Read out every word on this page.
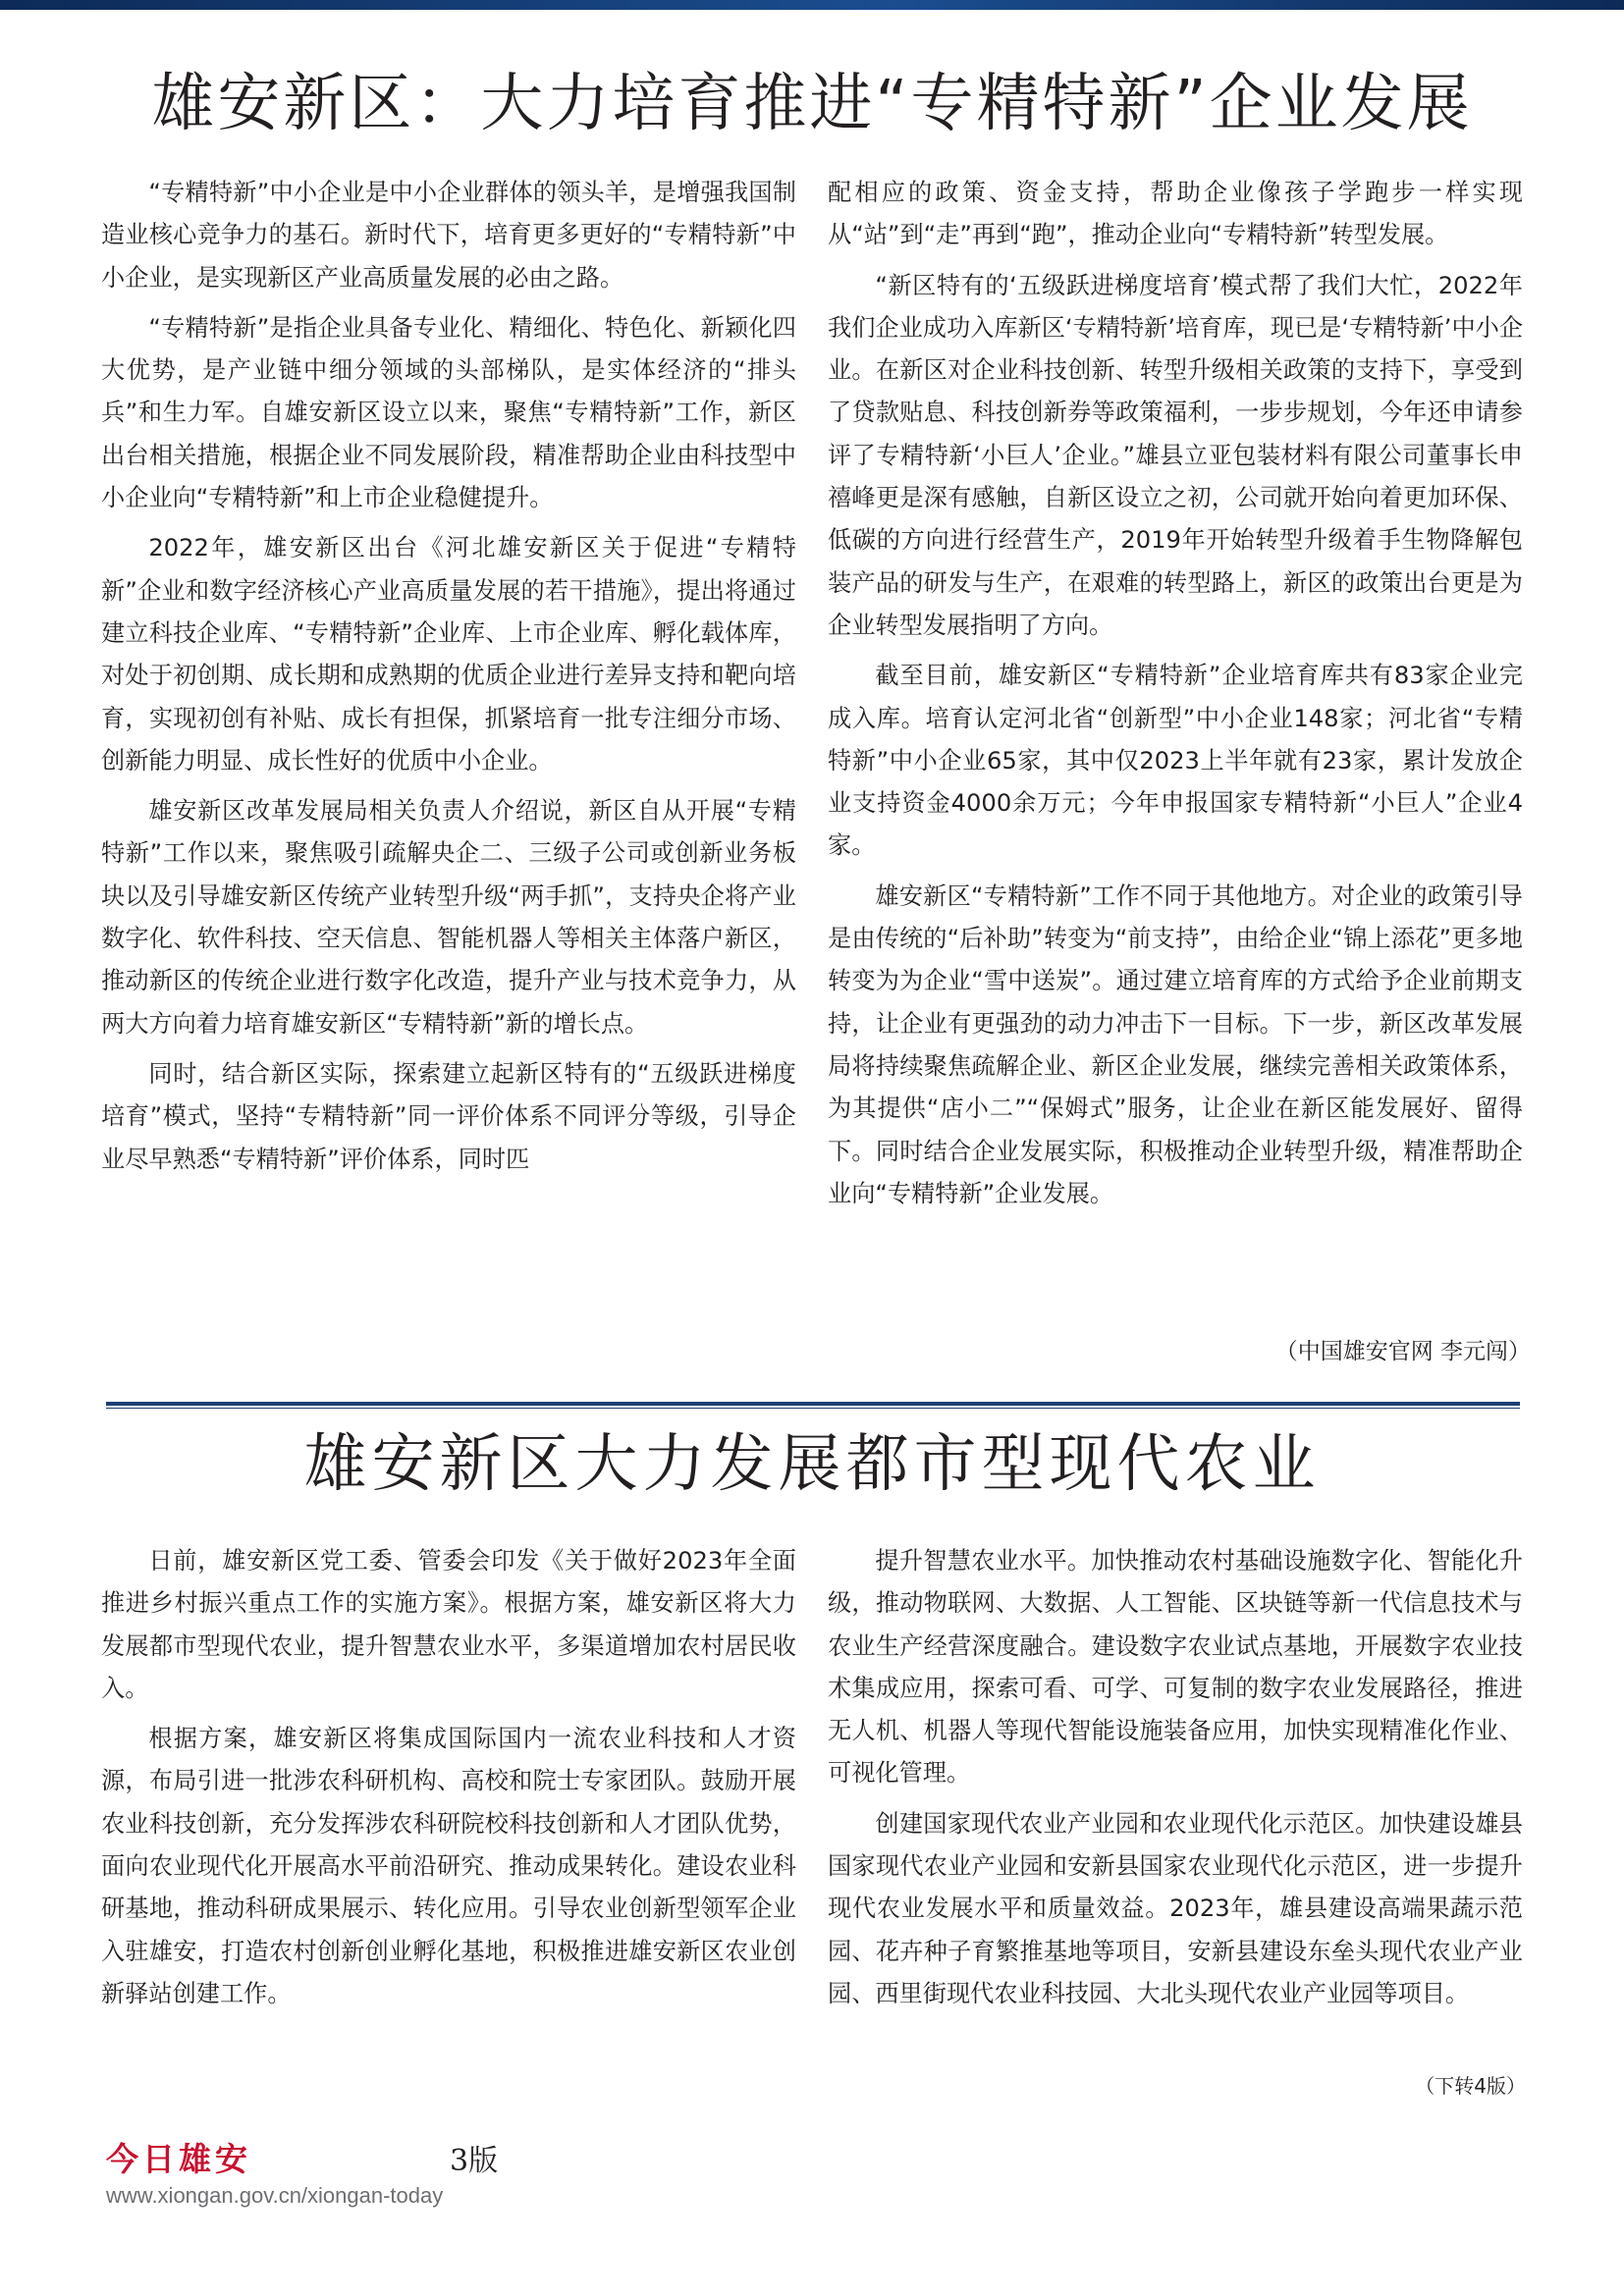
雄安新区：大力培育推进“专精特新”企业发展

“专精特新”中小企业是中小企业群体的领头羊，是增强我国制造业核心竞争力的基石。新时代下，培育更多更好的“专精特新”中小企业，是实现新区产业高质量发展的必由之路。

“专精特新”是指企业具备专业化、精细化、特色化、新颖化四大优势，是产业链中细分领域的头部梯队，是实体经济的“排头兵”和生力军。自雄安新区设立以来，聚焦“专精特新”工作，新区出台相关措施，根据企业不同发展阶段，精准帮助企业由科技型中小企业向“专精特新”和上市企业稳健提升。

2022年，雄安新区出台《河北雄安新区关于促进“专精特新”企业和数字经济核心产业高质量发展的若干措施》，提出将通过建立科技企业库、“专精特新”企业库、上市企业库、孵化载体库，对处于初创期、成长期和成熟期的优质企业进行差异支持和靶向培育，实现初创有补贴、成长有担保，抓紧培育一批专注细分市场、创新能力明显、成长性好的优质中小企业。

雄安新区改革发展局相关负责人介绍说，新区自从开展“专精特新”工作以来，聚焦吸引疏解央企二、三级子公司或创新业务板块以及引导雄安新区传统产业转型升级“两手抓”，支持央企将产业数字化、软件科技、空天信息、智能机器人等相关主体落户新区，推动新区的传统企业进行数字化改造，提升产业与技术竞争力，从两大方向着力培育雄安新区“专精特新”新的增长点。

同时，结合新区实际，探索建立起新区特有的“五级跃进梯度培育”模式，坚持“专精特新”同一评价体系不同评分等级，引导企业尽早熟悉“专精特新”评价体系，同时匹

配相应的政策、资金支持，帮助企业像孩子学跑步一样实现从“站”到“走”再到“跑”，推动企业向“专精特新”转型发展。

“新区特有的‘五级跃进梯度培育’模式帮了我们大忙，2022年我们企业成功入库新区‘专精特新’培育库，现已是‘专精特新’中小企业。在新区对企业科技创新、转型升级相关政策的支持下，享受到了贷款贴息、科技创新券等政策福利，一步步规划，今年还申请参评了专精特新‘小巨人’企业。”雄县立亚包装材料有限公司董事长申禧峰更是深有感触，自新区设立之初，公司就开始向着更加环保、低碳的方向进行经营生产，2019年开始转型升级着手生物降解包装产品的研发与生产，在艰难的转型路上，新区的政策出台更是为企业转型发展指明了方向。

截至目前，雄安新区“专精特新”企业培育库共有83家企业完成入库。培育认定河北省“创新型”中小企业148家；河北省“专精特新”中小企业65家，其中仅2023上半年就有23家，累计发放企业支持资金4000余万元；今年申报国家专精特新“小巨人”企业4家。

雄安新区“专精特新”工作不同于其他地方。对企业的政策引导是由传统的“后补助”转变为“前支持”，由给企业“锦上添花”更多地转变为为企业“雪中送炭”。通过建立培育库的方式给予企业前期支持，让企业有更强劲的动力冲击下一目标。下一步，新区改革发展局将持续聚焦疏解企业、新区企业发展，继续完善相关政策体系，为其提供“店小二”“保姆式”服务，让企业在新区能发展好、留得下。同时结合企业发展实际，积极推动企业转型升级，精准帮助企业向“专精特新”企业发展。

（中国雄安官网 李元闯）
雄安新区大力发展都市型现代农业

日前，雄安新区党工委、管委会印发《关于做好2023年全面推进乡村振兴重点工作的实施方案》。根据方案，雄安新区将大力发展都市型现代农业，提升智慧农业水平，多渠道增加农村居民收入。

根据方案，雄安新区将集成国际国内一流农业科技和人才资源，布局引进一批涉农科研机构、高校和院士专家团队。鼓励开展农业科技创新，充分发挥涉农科研院校科技创新和人才团队优势，面向农业现代化开展高水平前沿研究、推动成果转化。建设农业科研基地，推动科研成果展示、转化应用。引导农业创新型领军企业入驻雄安，打造农村创新创业孵化基地，积极推进雄安新区农业创新驿站创建工作。

提升智慧农业水平。加快推动农村基础设施数字化、智能化升级，推动物联网、大数据、人工智能、区块链等新一代信息技术与农业生产经营深度融合。建设数字农业试点基地，开展数字农业技术集成应用，探索可看、可学、可复制的数字农业发展路径，推进无人机、机器人等现代智能设施装备应用，加快实现精准化作业、可视化管理。

创建国家现代农业产业园和农业现代化示范区。加快建设雄县国家现代农业产业园和安新县国家农业现代化示范区，进一步提升现代农业发展水平和质量效益。2023年，雄县建设高端果蔬示范园、花卉种子育繁推基地等项目，安新县建设东垒头现代农业产业园、西里街现代农业科技园、大北头现代农业产业园等项目。

（下转4版）
今日雄安	3版
www.xiongan.gov.cn/xiongan-today
